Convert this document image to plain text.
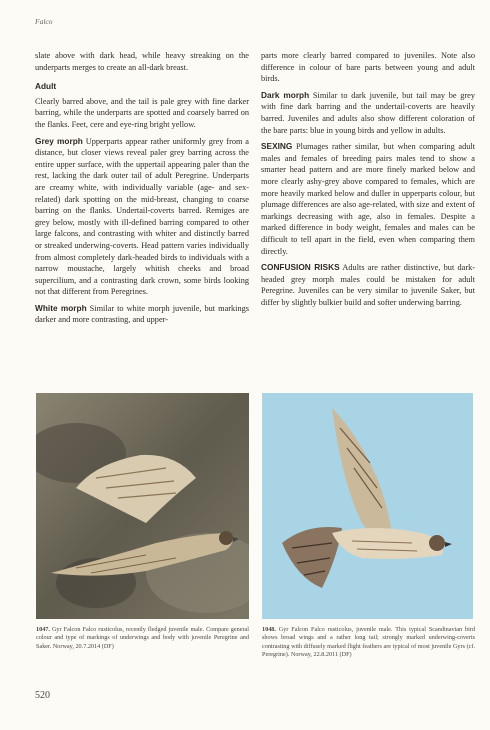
Falco

slate above with dark head, while heavy streaking on the underparts merges to create an all-dark breast.

Adult

Clearly barred above, and the tail is pale grey with fine darker barring, while the underparts are spotted and coarsely barred on the flanks. Feet, cere and eye-ring bright yellow.

Grey morph Upperparts appear rather uniformly grey from a distance, but closer views reveal paler grey barring across the entire upper surface, with the uppertail appearing paler than the rest, lacking the dark outer tail of adult Peregrine. Underparts are creamy white, with individually variable (age- and sex-related) dark spotting on the mid-breast, changing to coarse barring on the flanks. Undertail-coverts barred. Remiges are grey below, mostly with ill-defined barring compared to other large falcons, and contrasting with whiter and distinctly barred or streaked underwing-coverts. Head pattern varies individually from almost completely dark-headed birds to individuals with a narrow moustache, largely whitish cheeks and broad supercilium, and a contrasting dark crown, some birds looking not that different from Peregrines.

White morph Similar to white morph juvenile, but markings darker and more contrasting, and upper-

parts more clearly barred compared to juveniles. Note also difference in colour of bare parts between young and adult birds.

Dark morph Similar to dark juvenile, but tail may be grey with fine dark barring and the undertail-coverts are heavily barred. Juveniles and adults also show different coloration of the bare parts: blue in young birds and yellow in adults.

SEXING Plumages rather similar, but when comparing adult males and females of breeding pairs males tend to show a smarter head pattern and are more finely marked below and more clearly ashy-grey above compared to females, which are more heavily marked below and duller in upperparts colour, but plumage differences are also age-related, with size and extent of markings decreasing with age, also in females. Despite a marked difference in body weight, females and males can be difficult to tell apart in the field, even when comparing them directly.

CONFUSION RISKS Adults are rather distinctive, but dark-headed grey morph males could be mistaken for adult Peregrine. Juveniles can be very similar to juvenile Saker, but differ by slightly bulkier build and softer underwing barring.

1047. Gyr Falcon Falco rusticolus, recently fledged juvenile male. Compare general colour and type of markings of underwings and body with juvenile Peregrine and Saker. Norway, 20.7.2014 (DF)
1048. Gyr Falcon Falco rusticolus, juvenile male. This typical Scandinavian bird shows broad wings and a rather long tail; strongly marked underwing-coverts contrasting with diffusely marked flight feathers are typical of most juvenile Gyrs (cf. Peregrine). Norway, 22.8.2011 (DF)
520
